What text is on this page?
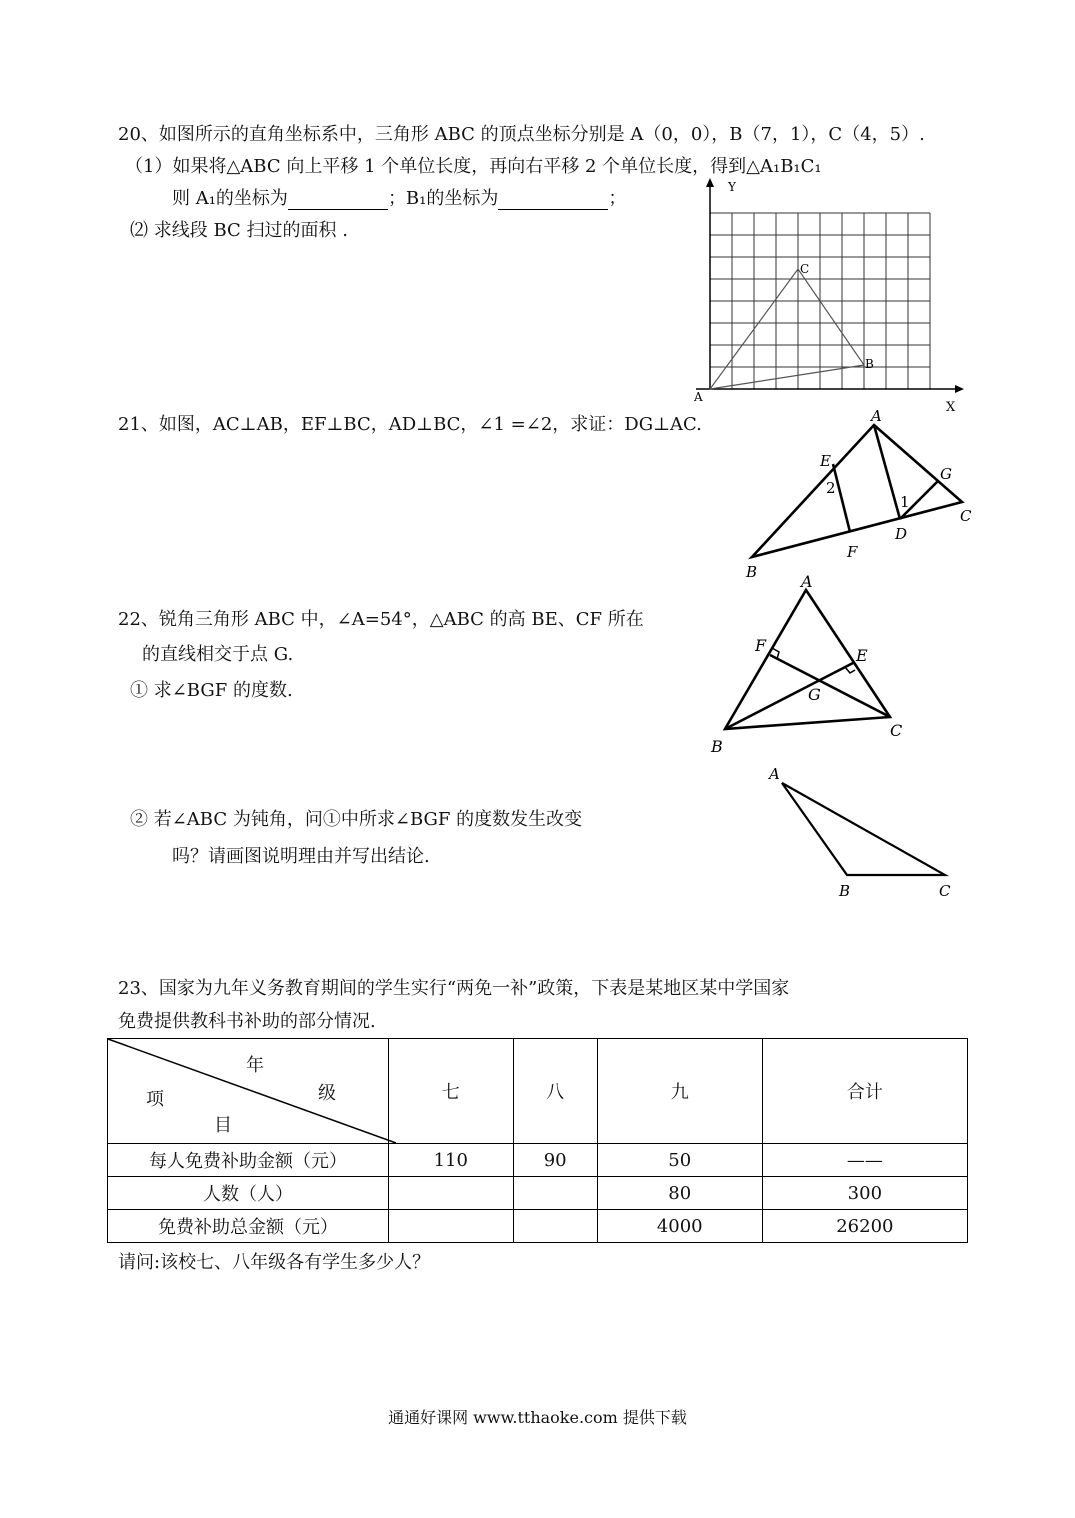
20、如图所示的直角坐标系中，三角形 ABC 的顶点坐标分别是 A（0，0），B（7，1），C（4，5）.
（1）如果将△ABC 向上平移 1 个单位长度，再向右平移 2 个单位长度，得到△A₁B₁C₁
则 A₁的坐标为	；B₁的坐标为	；
⑵ 求线段 BC 扫过的面积 .
X
Y
A
B
C
21、如图，AC⊥AB，EF⊥BC，AD⊥BC，∠1 =∠2，求证：DG⊥AC.	A
B
C
D
E
F
G
1
2
22、锐角三角形 ABC 中，∠A=54°，△ABC 的高 BE、CF 所在
的直线相交于点 G.
① 求∠BGF 的度数.
② 若∠ABC 为钝角，问①中所求∠BGF 的度数发生改变
吗？请画图说明理由并写出结论.
A
B
C
E
F
G
A
B	C
23、国家为九年义务教育期间的学生实行“两免一补”政策，下表是某地区某中学国家
免费提供教科书补助的部分情况.
年
级
项
目	七	八	九	合计
每人免费补助金额（元）	110	90	50	——
人数（人）			80	300
免费补助总金额（元）			4000	26200
请问:该校七、八年级各有学生多少人？
通通好课网 www.tthaoke.com 提供下载
